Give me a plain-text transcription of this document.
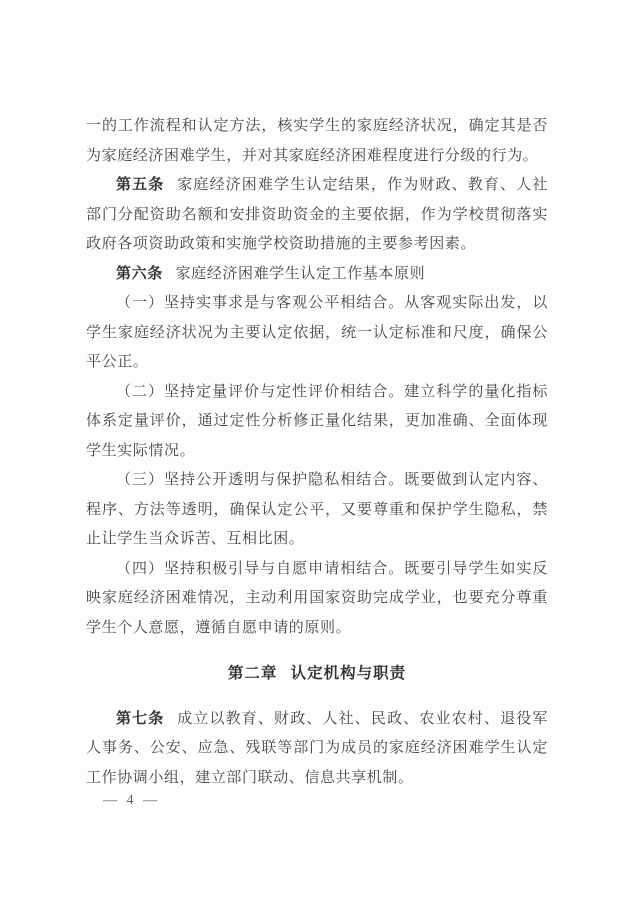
一的工作流程和认定方法，核实学生的家庭经济状况，确定其是否为家庭经济困难学生，并对其家庭经济困难程度进行分级的行为。

第五条 家庭经济困难学生认定结果，作为财政、教育、人社部门分配资助名额和安排资助资金的主要依据，作为学校贯彻落实政府各项资助政策和实施学校资助措施的主要参考因素。

第六条 家庭经济困难学生认定工作基本原则

（一）坚持实事求是与客观公平相结合。从客观实际出发，以学生家庭经济状况为主要认定依据，统一认定标准和尺度，确保公平公正。

（二）坚持定量评价与定性评价相结合。建立科学的量化指标体系定量评价，通过定性分析修正量化结果，更加准确、全面体现学生实际情况。

（三）坚持公开透明与保护隐私相结合。既要做到认定内容、程序、方法等透明，确保认定公平，又要尊重和保护学生隐私，禁止让学生当众诉苦、互相比困。

（四）坚持积极引导与自愿申请相结合。既要引导学生如实反映家庭经济困难情况，主动利用国家资助完成学业，也要充分尊重学生个人意愿，遵循自愿申请的原则。

第二章 认定机构与职责

第七条 成立以教育、财政、人社、民政、农业农村、退役军人事务、公安、应急、残联等部门为成员的家庭经济困难学生认定工作协调小组，建立部门联动、信息共享机制。

— 4 —
